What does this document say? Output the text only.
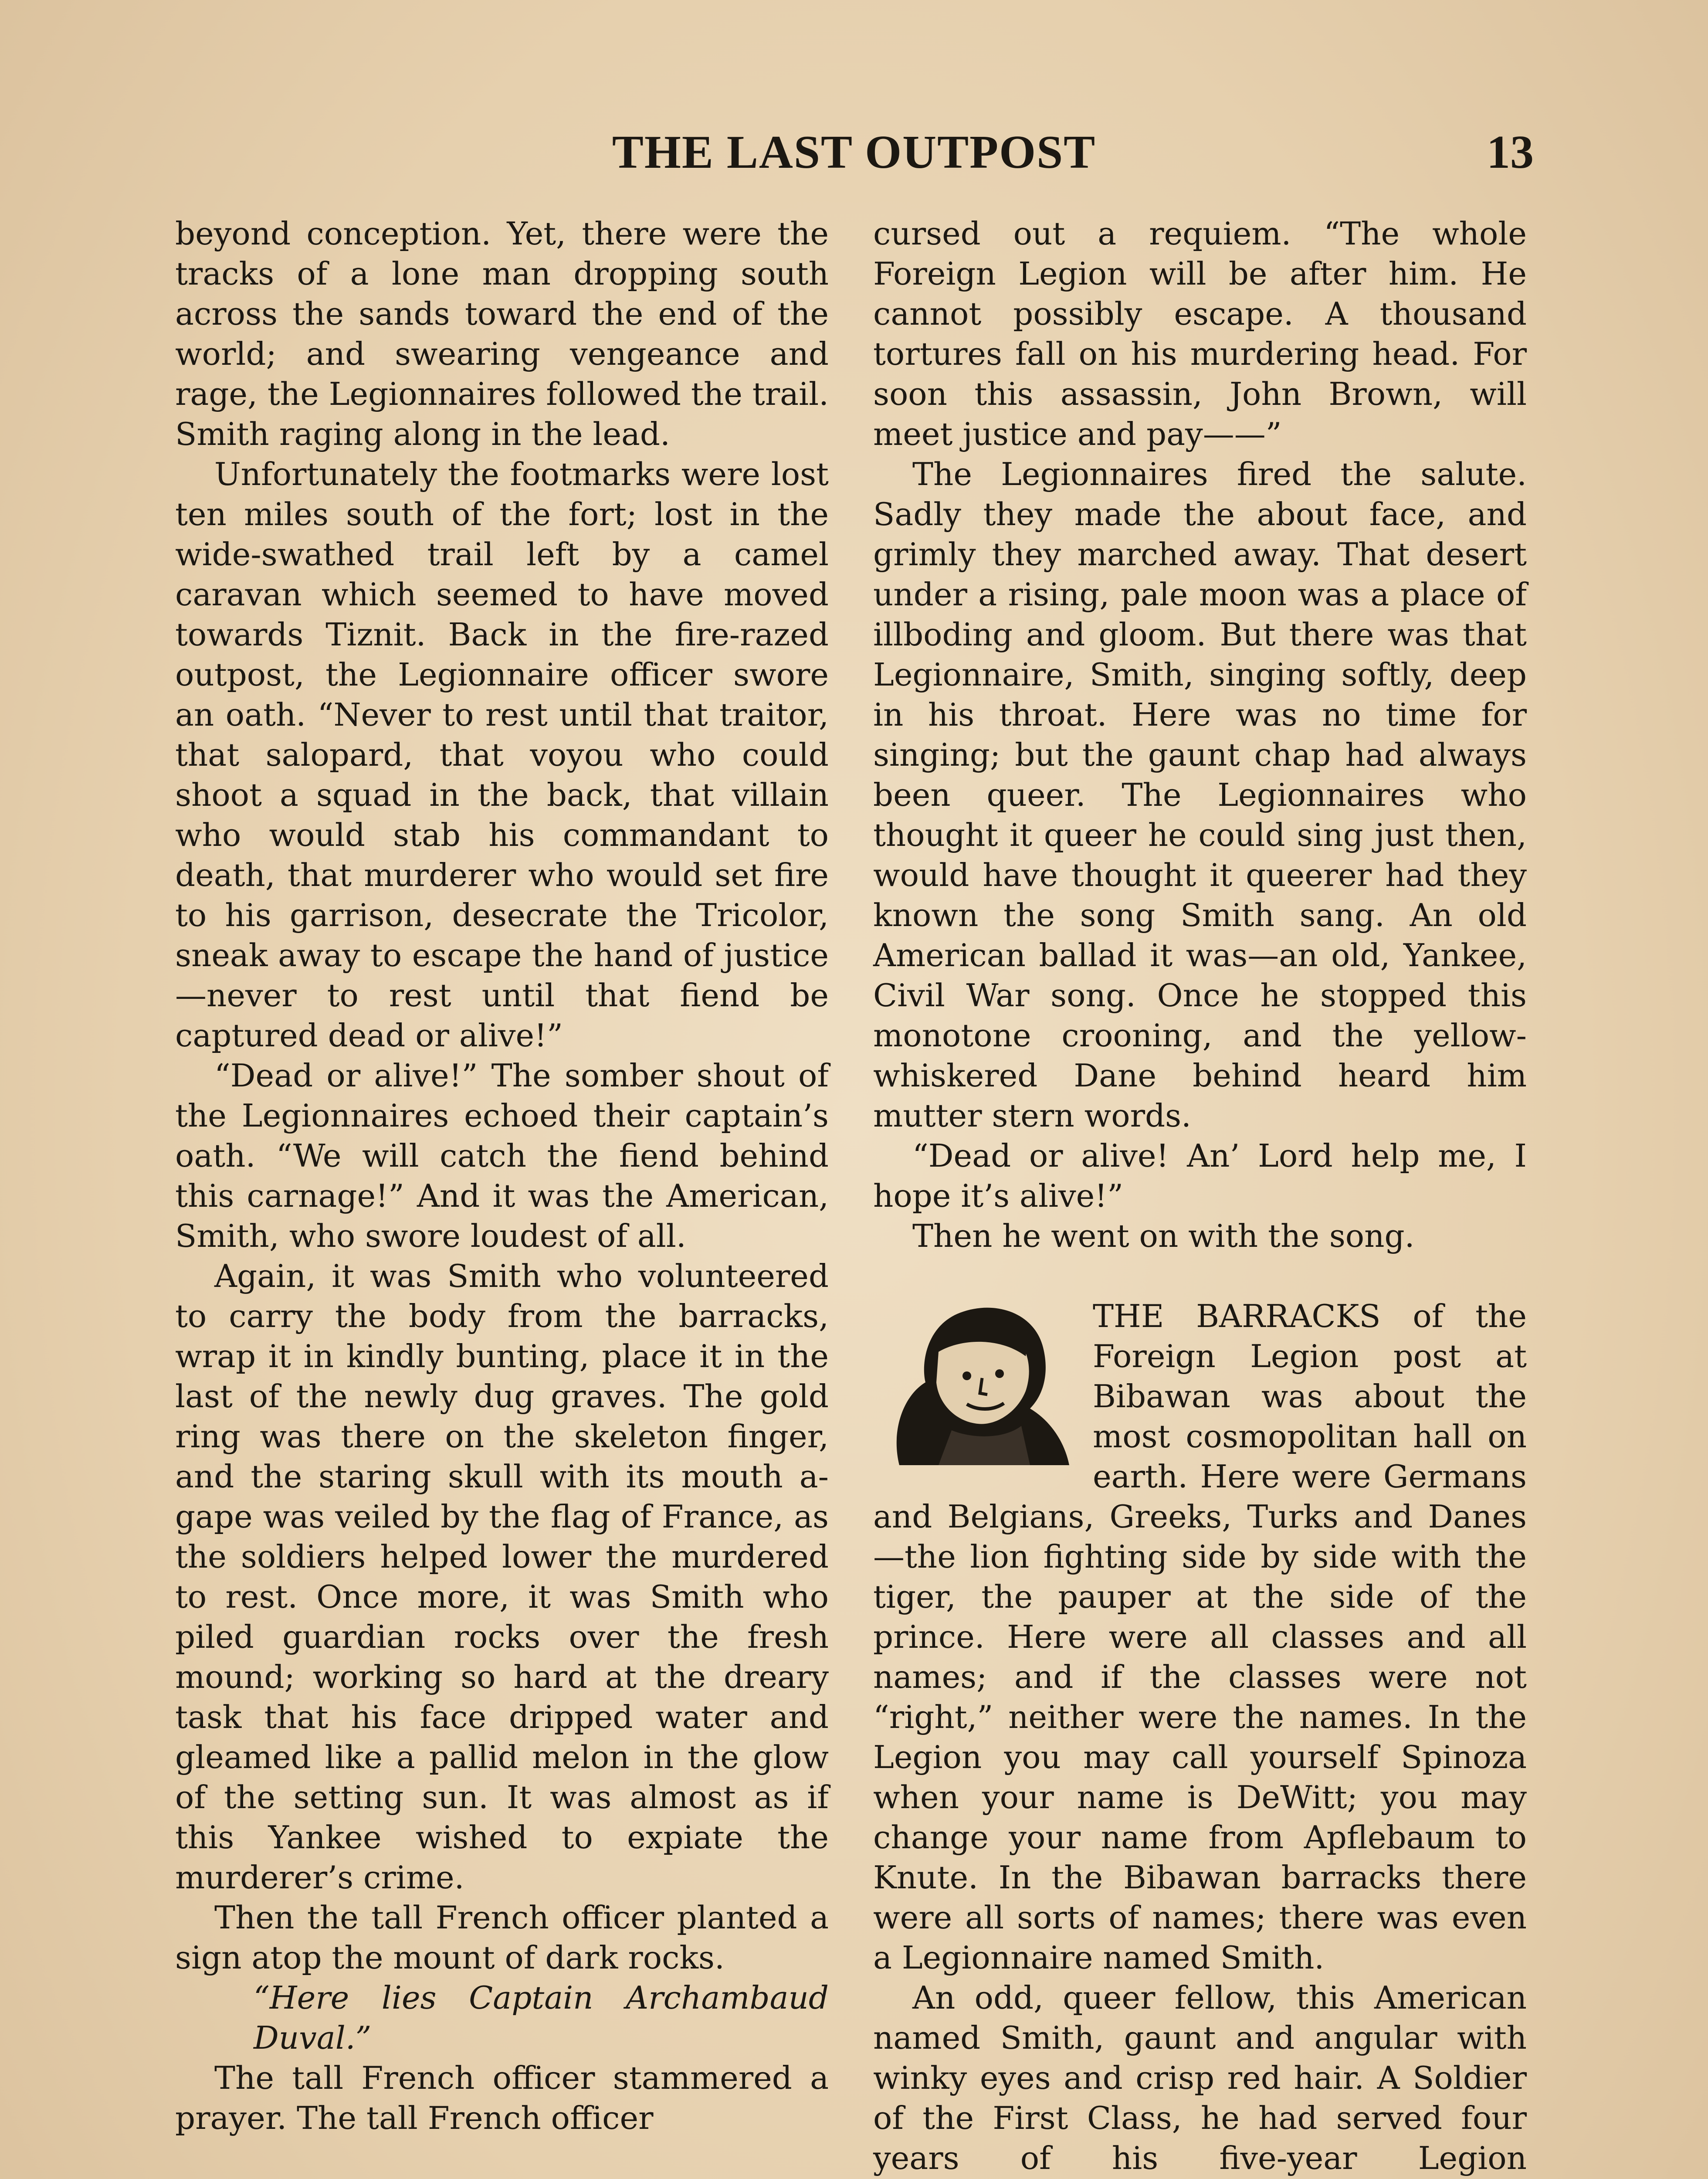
THE LAST OUTPOST	13

beyond conception. Yet, there were the tracks of a lone man dropping south across the sands toward the end of the world; and swearing vengeance and rage, the Legionnaires followed the trail. Smith raging along in the lead.

Unfortunately the footmarks were lost ten miles south of the fort; lost in the wide-swathed trail left by a camel caravan which seemed to have moved towards Tiznit. Back in the fire-razed outpost, the Legionnaire officer swore an oath. “Never to rest until that traitor, that salopard, that voyou who could shoot a squad in the back, that villain who would stab his commandant to death, that murderer who would set fire to his garrison, desecrate the Tricolor, sneak away to escape the hand of justice—never to rest until that fiend be captured dead or alive!”

“Dead or alive!” The somber shout of the Legionnaires echoed their captain’s oath. “We will catch the fiend behind this carnage!” And it was the American, Smith, who swore loudest of all.

Again, it was Smith who volunteered to carry the body from the barracks, wrap it in kindly bunting, place it in the last of the newly dug graves. The gold ring was there on the skeleton finger, and the staring skull with its mouth a-gape was veiled by the flag of France, as the soldiers helped lower the murdered to rest. Once more, it was Smith who piled guardian rocks over the fresh mound; working so hard at the dreary task that his face dripped water and gleamed like a pallid melon in the glow of the setting sun. It was almost as if this Yankee wished to expiate the murderer’s crime.

Then the tall French officer planted a sign atop the mount of dark rocks.

“Here lies Captain Archambaud Duval.”

The tall French officer stammered a prayer. The tall French officer

cursed out a requiem. “The whole Foreign Legion will be after him. He cannot possibly escape. A thousand tortures fall on his murdering head. For soon this assassin, John Brown, will meet justice and pay——”

The Legionnaires fired the salute. Sadly they made the about face, and grimly they marched away. That desert under a rising, pale moon was a place of illboding and gloom. But there was that Legionnaire, Smith, singing softly, deep in his throat. Here was no time for singing; but the gaunt chap had always been queer. The Legionnaires who thought it queer he could sing just then, would have thought it queerer had they known the song Smith sang. An old American ballad it was—an old, Yankee, Civil War song. Once he stopped this monotone crooning, and the yellow-whiskered Dane behind heard him mutter stern words.

“Dead or alive! An’ Lord help me, I hope it’s alive!”

Then he went on with the song.

THE BARRACKS of the Foreign Legion post at Bibawan was about the most cosmopolitan hall on earth. Here were Germans and Belgians, Greeks, Turks and Danes—the lion fighting side by side with the tiger, the pauper at the side of the prince. Here were all classes and all names; and if the classes were not “right,” neither were the names. In the Legion you may call yourself Spinoza when your name is DeWitt; you may change your name from Apflebaum to Knute. In the Bibawan barracks there were all sorts of names; there was even a Legionnaire named Smith.

An odd, queer fellow, this American named Smith, gaunt and angular with winky eyes and crisp red hair. A Soldier of the First Class, he had served four years of his five-year Legion
